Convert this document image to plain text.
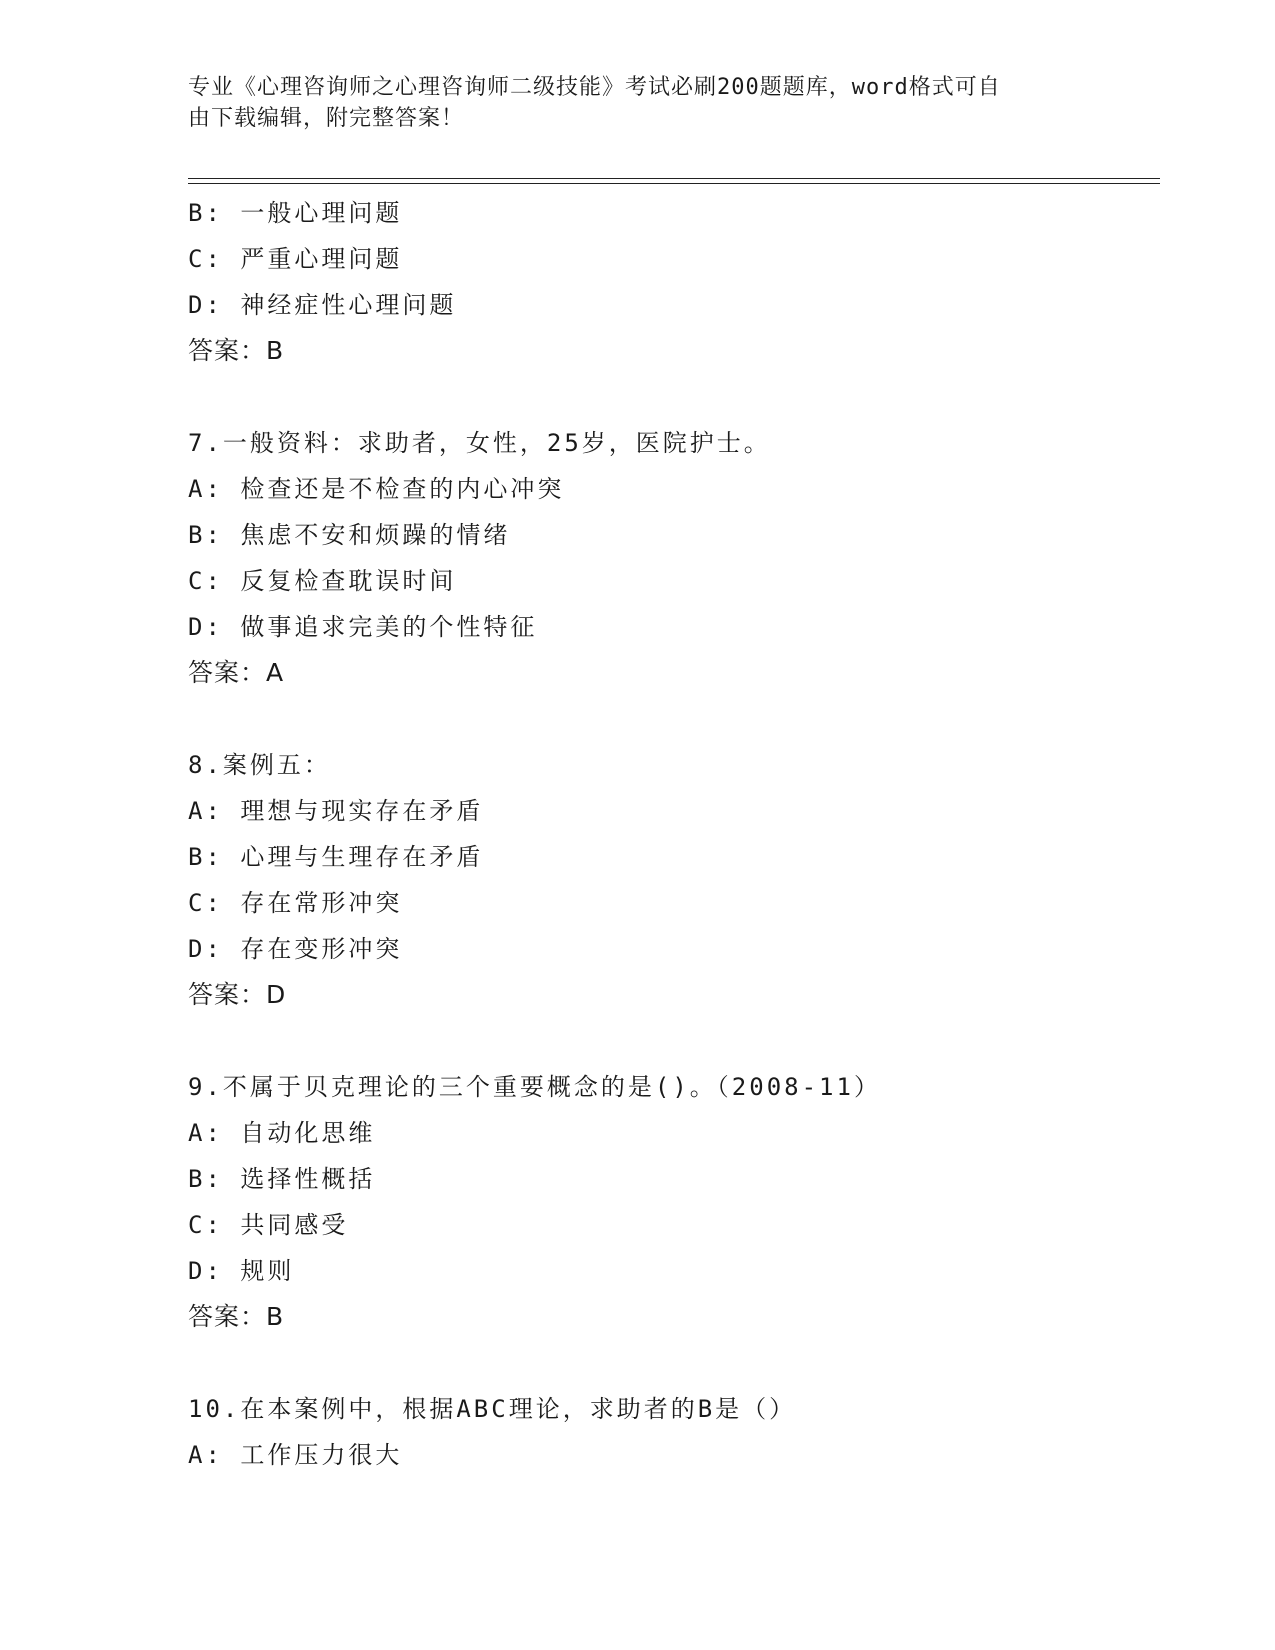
专业《心理咨询师之心理咨询师二级技能》考试必刷200题题库，word格式可自
由下载编辑，附完整答案！
B: 一般心理问题
C: 严重心理问题
D: 神经症性心理问题
答案：B
7.一般资料：求助者，女性，25岁，医院护士。
A: 检查还是不检查的内心冲突
B: 焦虑不安和烦躁的情绪
C: 反复检查耽误时间
D: 做事追求完美的个性特征
答案：A
8.案例五：
A: 理想与现实存在矛盾
B: 心理与生理存在矛盾
C: 存在常形冲突
D: 存在变形冲突
答案：D
9.不属于贝克理论的三个重要概念的是()。（2008-11）
A: 自动化思维
B: 选择性概括
C: 共同感受
D: 规则
答案：B
10.在本案例中，根据ABC理论，求助者的B是（）
A: 工作压力很大
